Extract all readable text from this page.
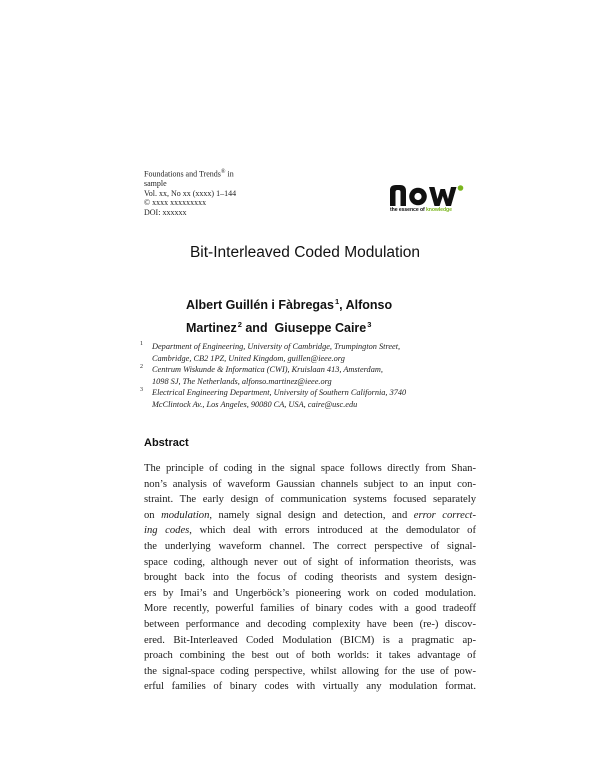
Foundations and Trends® in
sample
Vol. xx, No xx (xxxx) 1–144
© xxxx xxxxxxxxx
DOI: xxxxxx	the essence of knowledge
Bit-Interleaved Coded Modulation
Albert Guillén i Fàbregas$^1$, Alfonso
Martinez$^2$ and Giuseppe Caire$^3$
1 Department of Engineering, University of Cambridge, Trumpington Street,
Cambridge, CB2 1PZ, United Kingdom, guillen@ieee.org
2 Centrum Wiskunde & Informatica (CWI), Kruislaan 413, Amsterdam,
1098 SJ, The Netherlands, alfonso.martinez@ieee.org
3 Electrical Engineering Department, University of Southern California, 3740
McClintock Av., Los Angeles, 90080 CA, USA, caire@usc.edu
Abstract
The principle of coding in the signal space follows directly from Shan-
non’s analysis of waveform Gaussian channels subject to an input con-
straint. The early design of communication systems focused separately
on modulation, namely signal design and detection, and error correct-
ing codes, which deal with errors introduced at the demodulator of
the underlying waveform channel. The correct perspective of signal-
space coding, although never out of sight of information theorists, was
brought back into the focus of coding theorists and system design-
ers by Imai’s and Ungerböck’s pioneering work on coded modulation.
More recently, powerful families of binary codes with a good tradeoff
between performance and decoding complexity have been (re-) discov-
ered. Bit-Interleaved Coded Modulation (BICM) is a pragmatic ap-
proach combining the best out of both worlds: it takes advantage of
the signal-space coding perspective, whilst allowing for the use of pow-
erful families of binary codes with virtually any modulation format.
